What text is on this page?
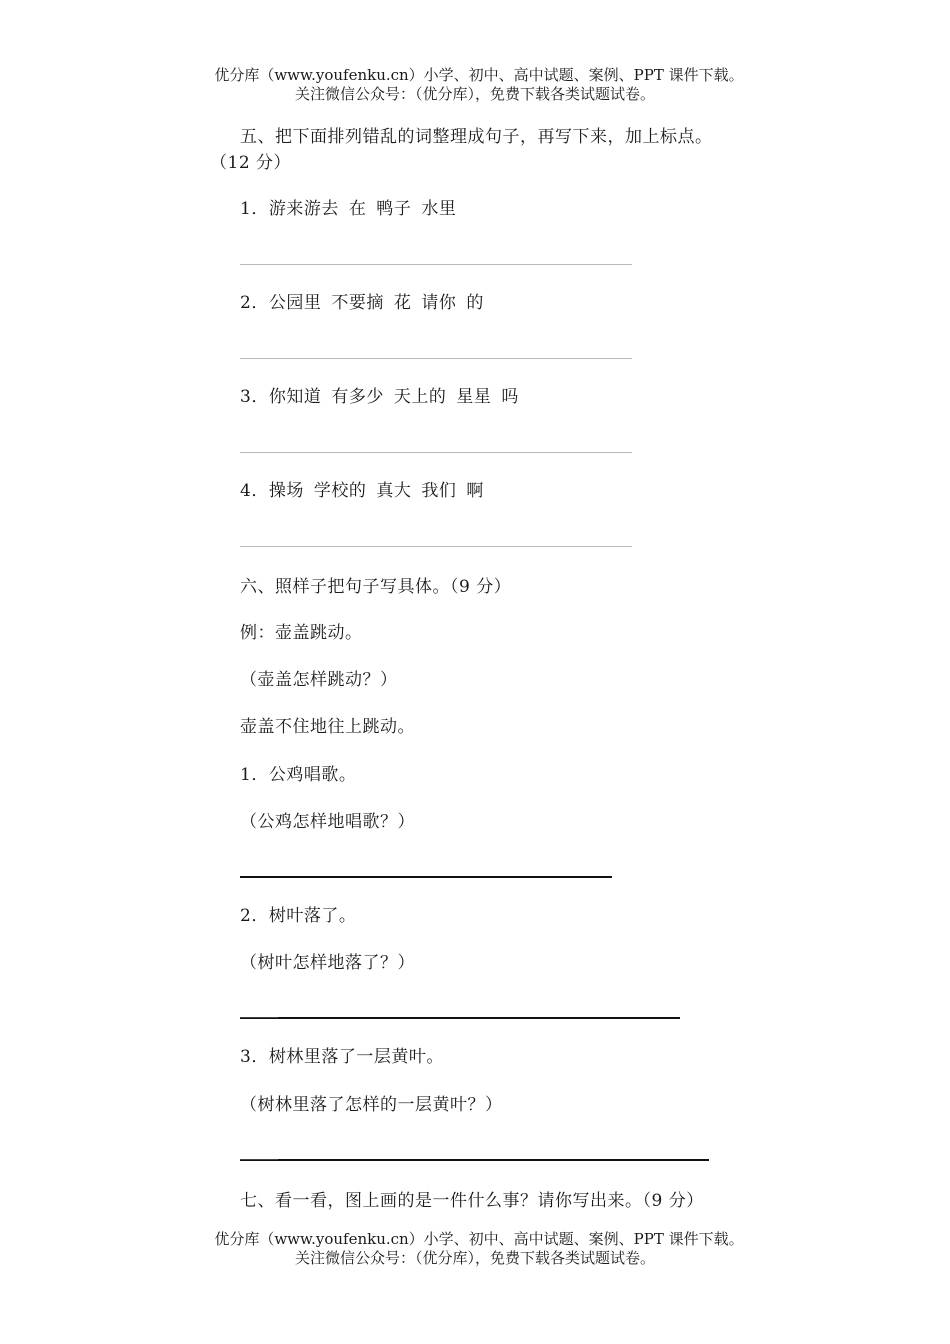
优分库（www.youfenku.cn）小学、初中、高中试题、案例、PPT 课件下载。
关注微信公众号：（优分库），免费下载各类试题试卷。
五、把下面排列错乱的词整理成句子，再写下来，加上标点。
（12 分）
1．游来游去 在 鸭子 水里
2．公园里 不要摘 花 请你 的
3．你知道 有多少 天上的 星星 吗
4．操场 学校的 真大 我们 啊
六、照样子把句子写具体。（9 分）
例：壶盖跳动。
（壶盖怎样跳动？）
壶盖不住地往上跳动。
1．公鸡唱歌。
（公鸡怎样地唱歌？）
2．树叶落了。
（树叶怎样地落了？）
3．树林里落了一层黄叶。
（树林里落了怎样的一层黄叶？）
七、看一看，图上画的是一件什么事？请你写出来。（9 分）
优分库（www.youfenku.cn）小学、初中、高中试题、案例、PPT 课件下载。
关注微信公众号：（优分库），免费下载各类试题试卷。
